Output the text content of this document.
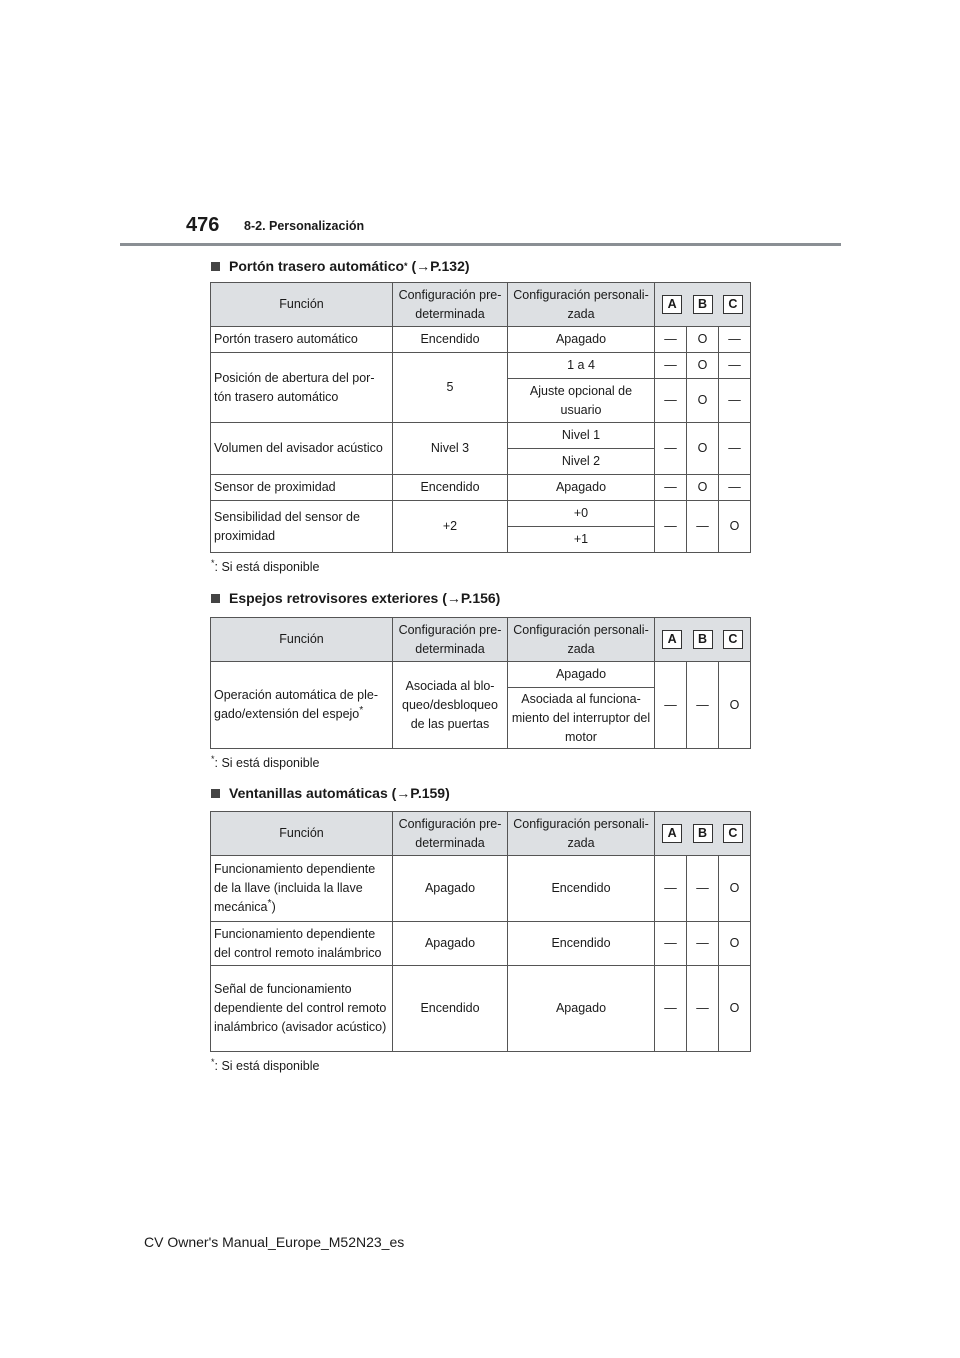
476 8-2. Personalización
Portón trasero automático *
(→P.132)
Función	Configuración pre-determinada	Configuración personali-zada	A B C		

Portón trasero automático	Encendido	Apagado	—	O	—
Posición de abertura del por-tón trasero automático	5	1 a 4	—	O	—
		Ajuste opcional de usuario	—	O	—
Volumen del avisador acústico	Nivel 3	Nivel 1	—	O	—
		Nivel 2			
Sensor de proximidad	Encendido	Apagado	—	O	—
Sensibilidad del sensor de proximidad	+2	+0	—	—	O
		+1			
*: Si está disponible
Espejos retrovisores exteriores
(→P.156)
Función	Configuración pre-determinada	Configuración personali-zada	A B C		

Operación automática de ple-gado/extensión del espejo*	Asociada al blo-queo/desbloqueo de las puertas	Apagado	—	—	O
		Asociada al funciona-miento del interruptor del motor			
*: Si está disponible
Ventanillas automáticas
(→P.159)
Función	Configuración pre-determinada	Configuración personali-zada	A B C		

Funcionamiento dependiente de la llave (incluida la llave mecánica*)	Apagado	Encendido	—	—	O
Funcionamiento dependiente del control remoto inalámbrico	Apagado	Encendido	—	—	O
Señal de funcionamiento dependiente del control remoto inalámbrico (avisador acústico)	Encendido	Apagado	—	—	O
*: Si está disponible
CV Owner's Manual_Europe_M52N23_es
